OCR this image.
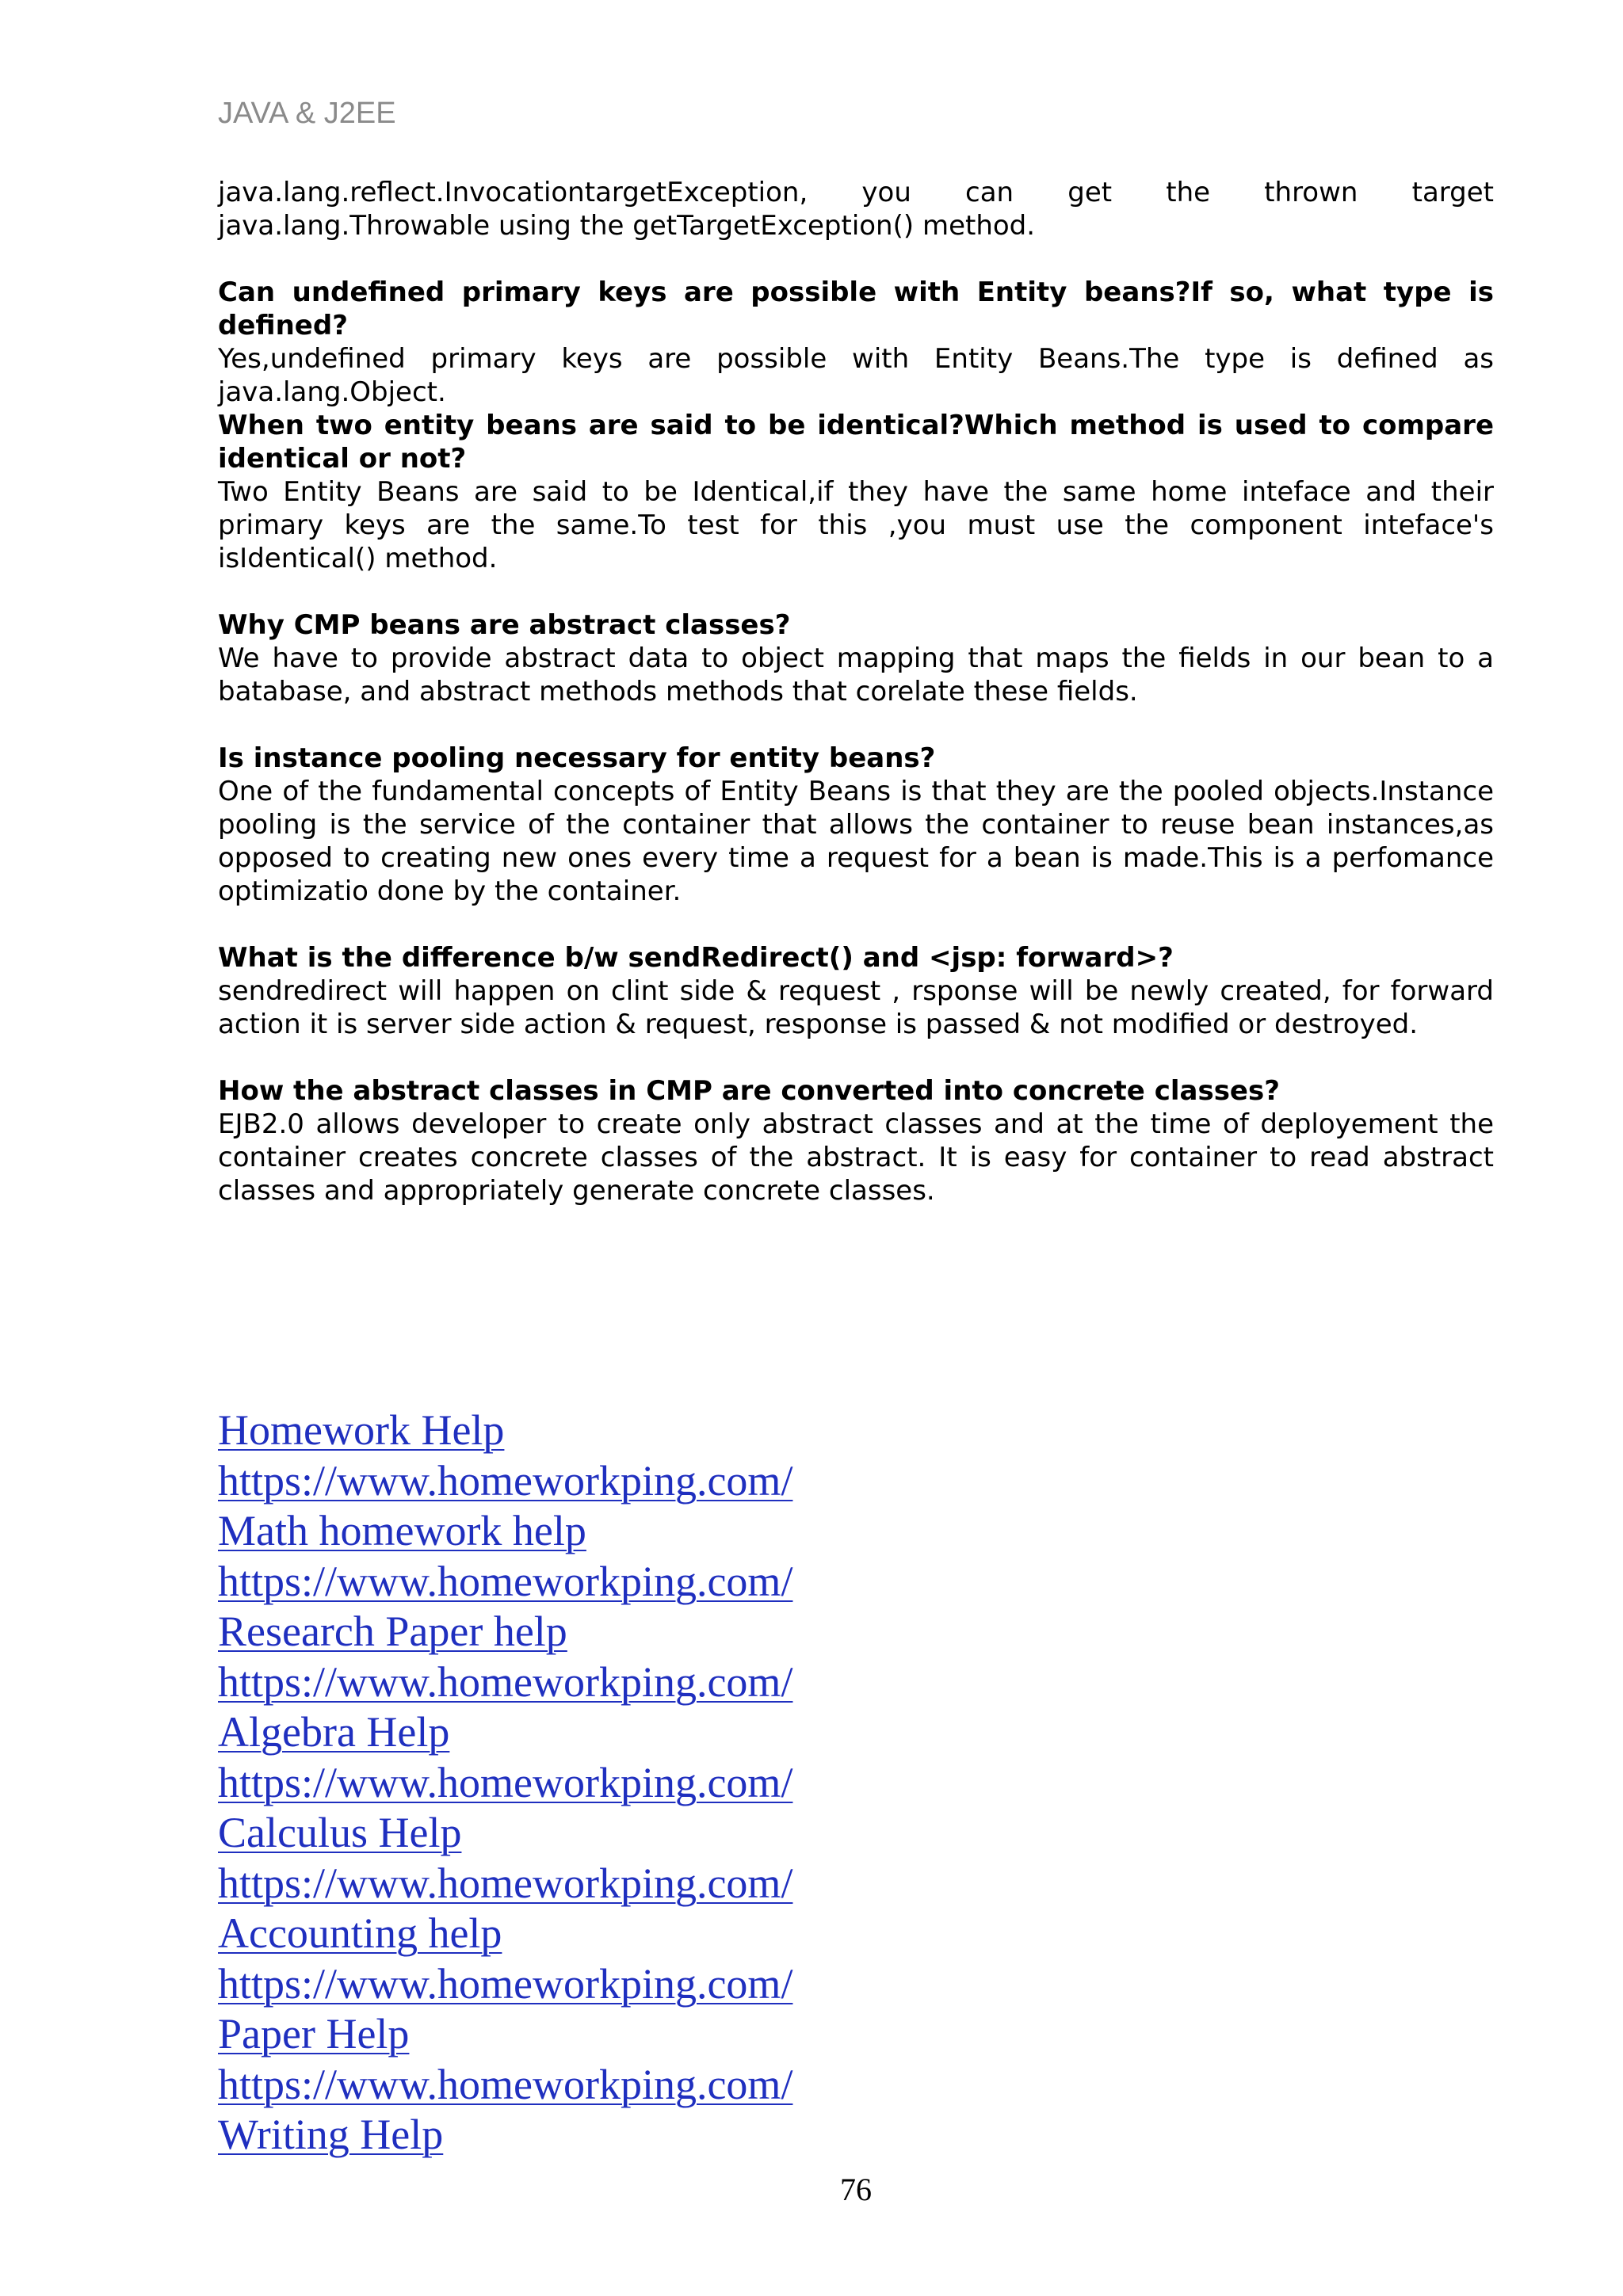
JAVA & J2EE

java.lang.reflect.InvocationtargetException, you can get the thrown target

java.lang.Throwable using the getTargetException() method.

Can undefined primary keys are possible with Entity beans?If so, what type is defined?

Yes,undefined primary keys are possible with Entity Beans.The type is defined as java.lang.Object.

When two entity beans are said to be identical?Which method is used to compare identical or not?

Two Entity Beans are said to be Identical,if they have the same home inteface and their primary keys are the same.To test for this ,you must use the component inteface's isIdentical() method.

Why CMP beans are abstract classes?

We have to provide abstract data to object mapping that maps the fields in our bean to a batabase, and abstract methods methods that corelate these fields.

Is instance pooling necessary for entity beans?

One of the fundamental concepts of Entity Beans is that they are the pooled objects.Instance pooling is the service of the container that allows the container to reuse bean instances,as opposed to creating new ones every time a request for a bean is made.This is a perfomance optimizatio done by the container.

What is the difference b/w sendRedirect() and <jsp: forward>?

sendredirect will happen on clint side & request , rsponse will be newly created, for forward action it is server side action & request, response is passed & not modified or destroyed.

How the abstract classes in CMP are converted into concrete classes?

EJB2.0 allows developer to create only abstract classes and at the time of deployement the container creates concrete classes of the abstract. It is easy for container to read abstract classes and appropriately generate concrete classes.

Homework Help
https://www.homeworkping.com/
Math homework help
https://www.homeworkping.com/
Research Paper help
https://www.homeworkping.com/
Algebra Help
https://www.homeworkping.com/
Calculus Help
https://www.homeworkping.com/
Accounting help
https://www.homeworkping.com/
Paper Help
https://www.homeworkping.com/
Writing Help
76
